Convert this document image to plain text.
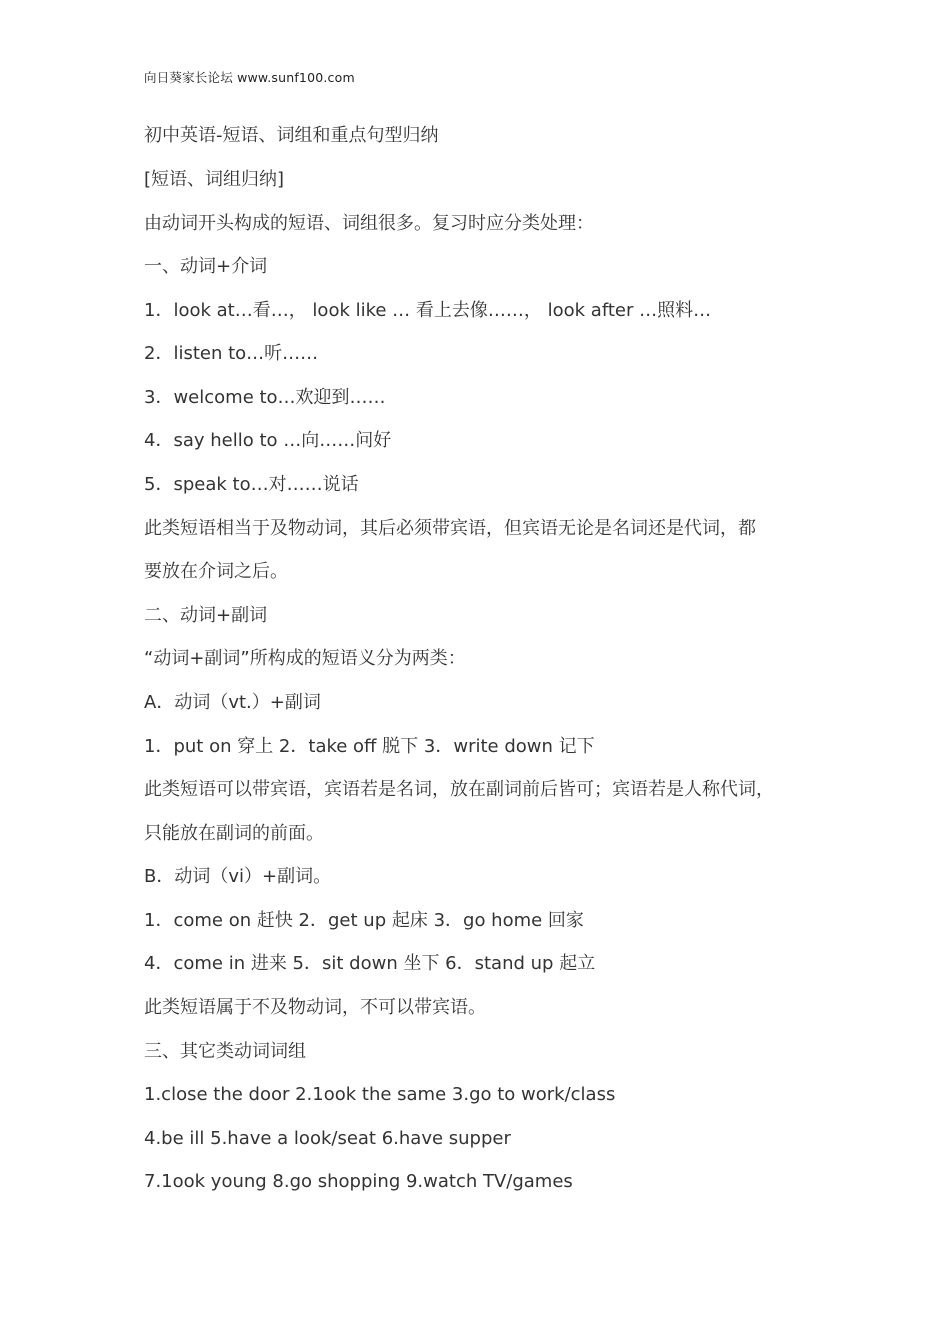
向日葵家长论坛 www.sunf100.com
初中英语-短语、词组和重点句型归纳
[短语、词组归纳]
由动词开头构成的短语、词组很多。复习时应分类处理：
一、动词+介词
1．look at…看…， look like … 看上去像……， look after …照料…
2．listen to…听……
3．welcome to…欢迎到……
4．say hello to …向……问好
5．speak to…对……说话
此类短语相当于及物动词，其后必须带宾语，但宾语无论是名词还是代词，都
要放在介词之后。
二、动词+副词
“动词+副词”所构成的短语义分为两类：
A．动词（vt.）+副词
1．put on 穿上 2．take off 脱下 3．write down 记下
此类短语可以带宾语，宾语若是名词，放在副词前后皆可；宾语若是人称代词，
只能放在副词的前面。
B．动词（vi）+副词。
1．come on 赶快 2．get up 起床 3．go home 回家
4．come in 进来 5．sit down 坐下 6．stand up 起立
此类短语属于不及物动词，不可以带宾语。
三、其它类动词词组
1.close the door 2.1ook the same 3.go to work/class
4.be ill 5.have a look/seat 6.have supper
7.1ook young 8.go shopping 9.watch TV/games
